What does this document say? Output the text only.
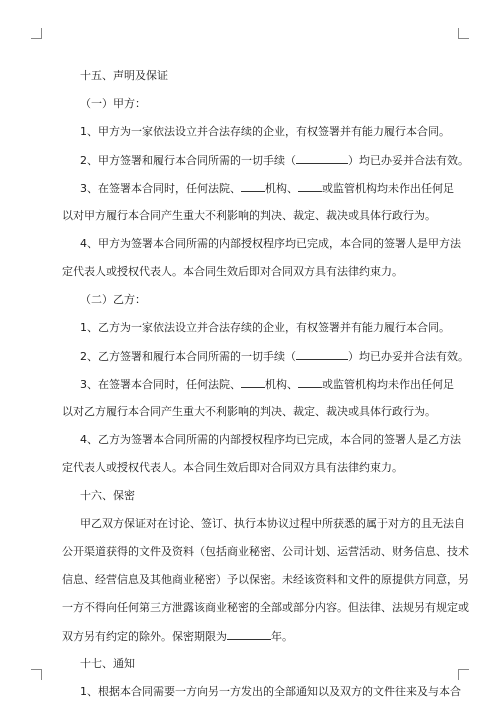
十五、声明及保证
（一）甲方：
1、甲方为一家依法设立并合法存续的企业，有权签署并有能力履行本合同。
2、甲方签署和履行本合同所需的一切手续（	）均已办妥并合法有效。
3、在签署本合同时，任何法院、 机构、 或监管机构均未作出任何足
以对甲方履行本合同产生重大不利影响的判决、裁定、裁决或具体行政行为。
4、甲方为签署本合同所需的内部授权程序均已完成，本合同的签署人是甲方法
定代表人或授权代表人。本合同生效后即对合同双方具有法律约束力。
（二）乙方：
1、乙方为一家依法设立并合法存续的企业，有权签署并有能力履行本合同。
2、乙方签署和履行本合同所需的一切手续（	）均已办妥并合法有效。
3、在签署本合同时，任何法院、 机构、 或监管机构均未作出任何足
以对乙方履行本合同产生重大不利影响的判决、裁定、裁决或具体行政行为。
4、乙方为签署本合同所需的内部授权程序均已完成，本合同的签署人是乙方法
定代表人或授权代表人。本合同生效后即对合同双方具有法律约束力。
十六、保密
甲乙双方保证对在讨论、签订、执行本协议过程中所获悉的属于对方的且无法自
公开渠道获得的文件及资料（包括商业秘密、公司计划、运营活动、财务信息、技术
信息、经营信息及其他商业秘密）予以保密。未经该资料和文件的原提供方同意，另
一方不得向任何第三方泄露该商业秘密的全部或部分内容。但法律、法规另有规定或
双方另有约定的除外。保密期限为	年。
十七、通知
1、根据本合同需要一方向另一方发出的全部通知以及双方的文件往来及与本合
